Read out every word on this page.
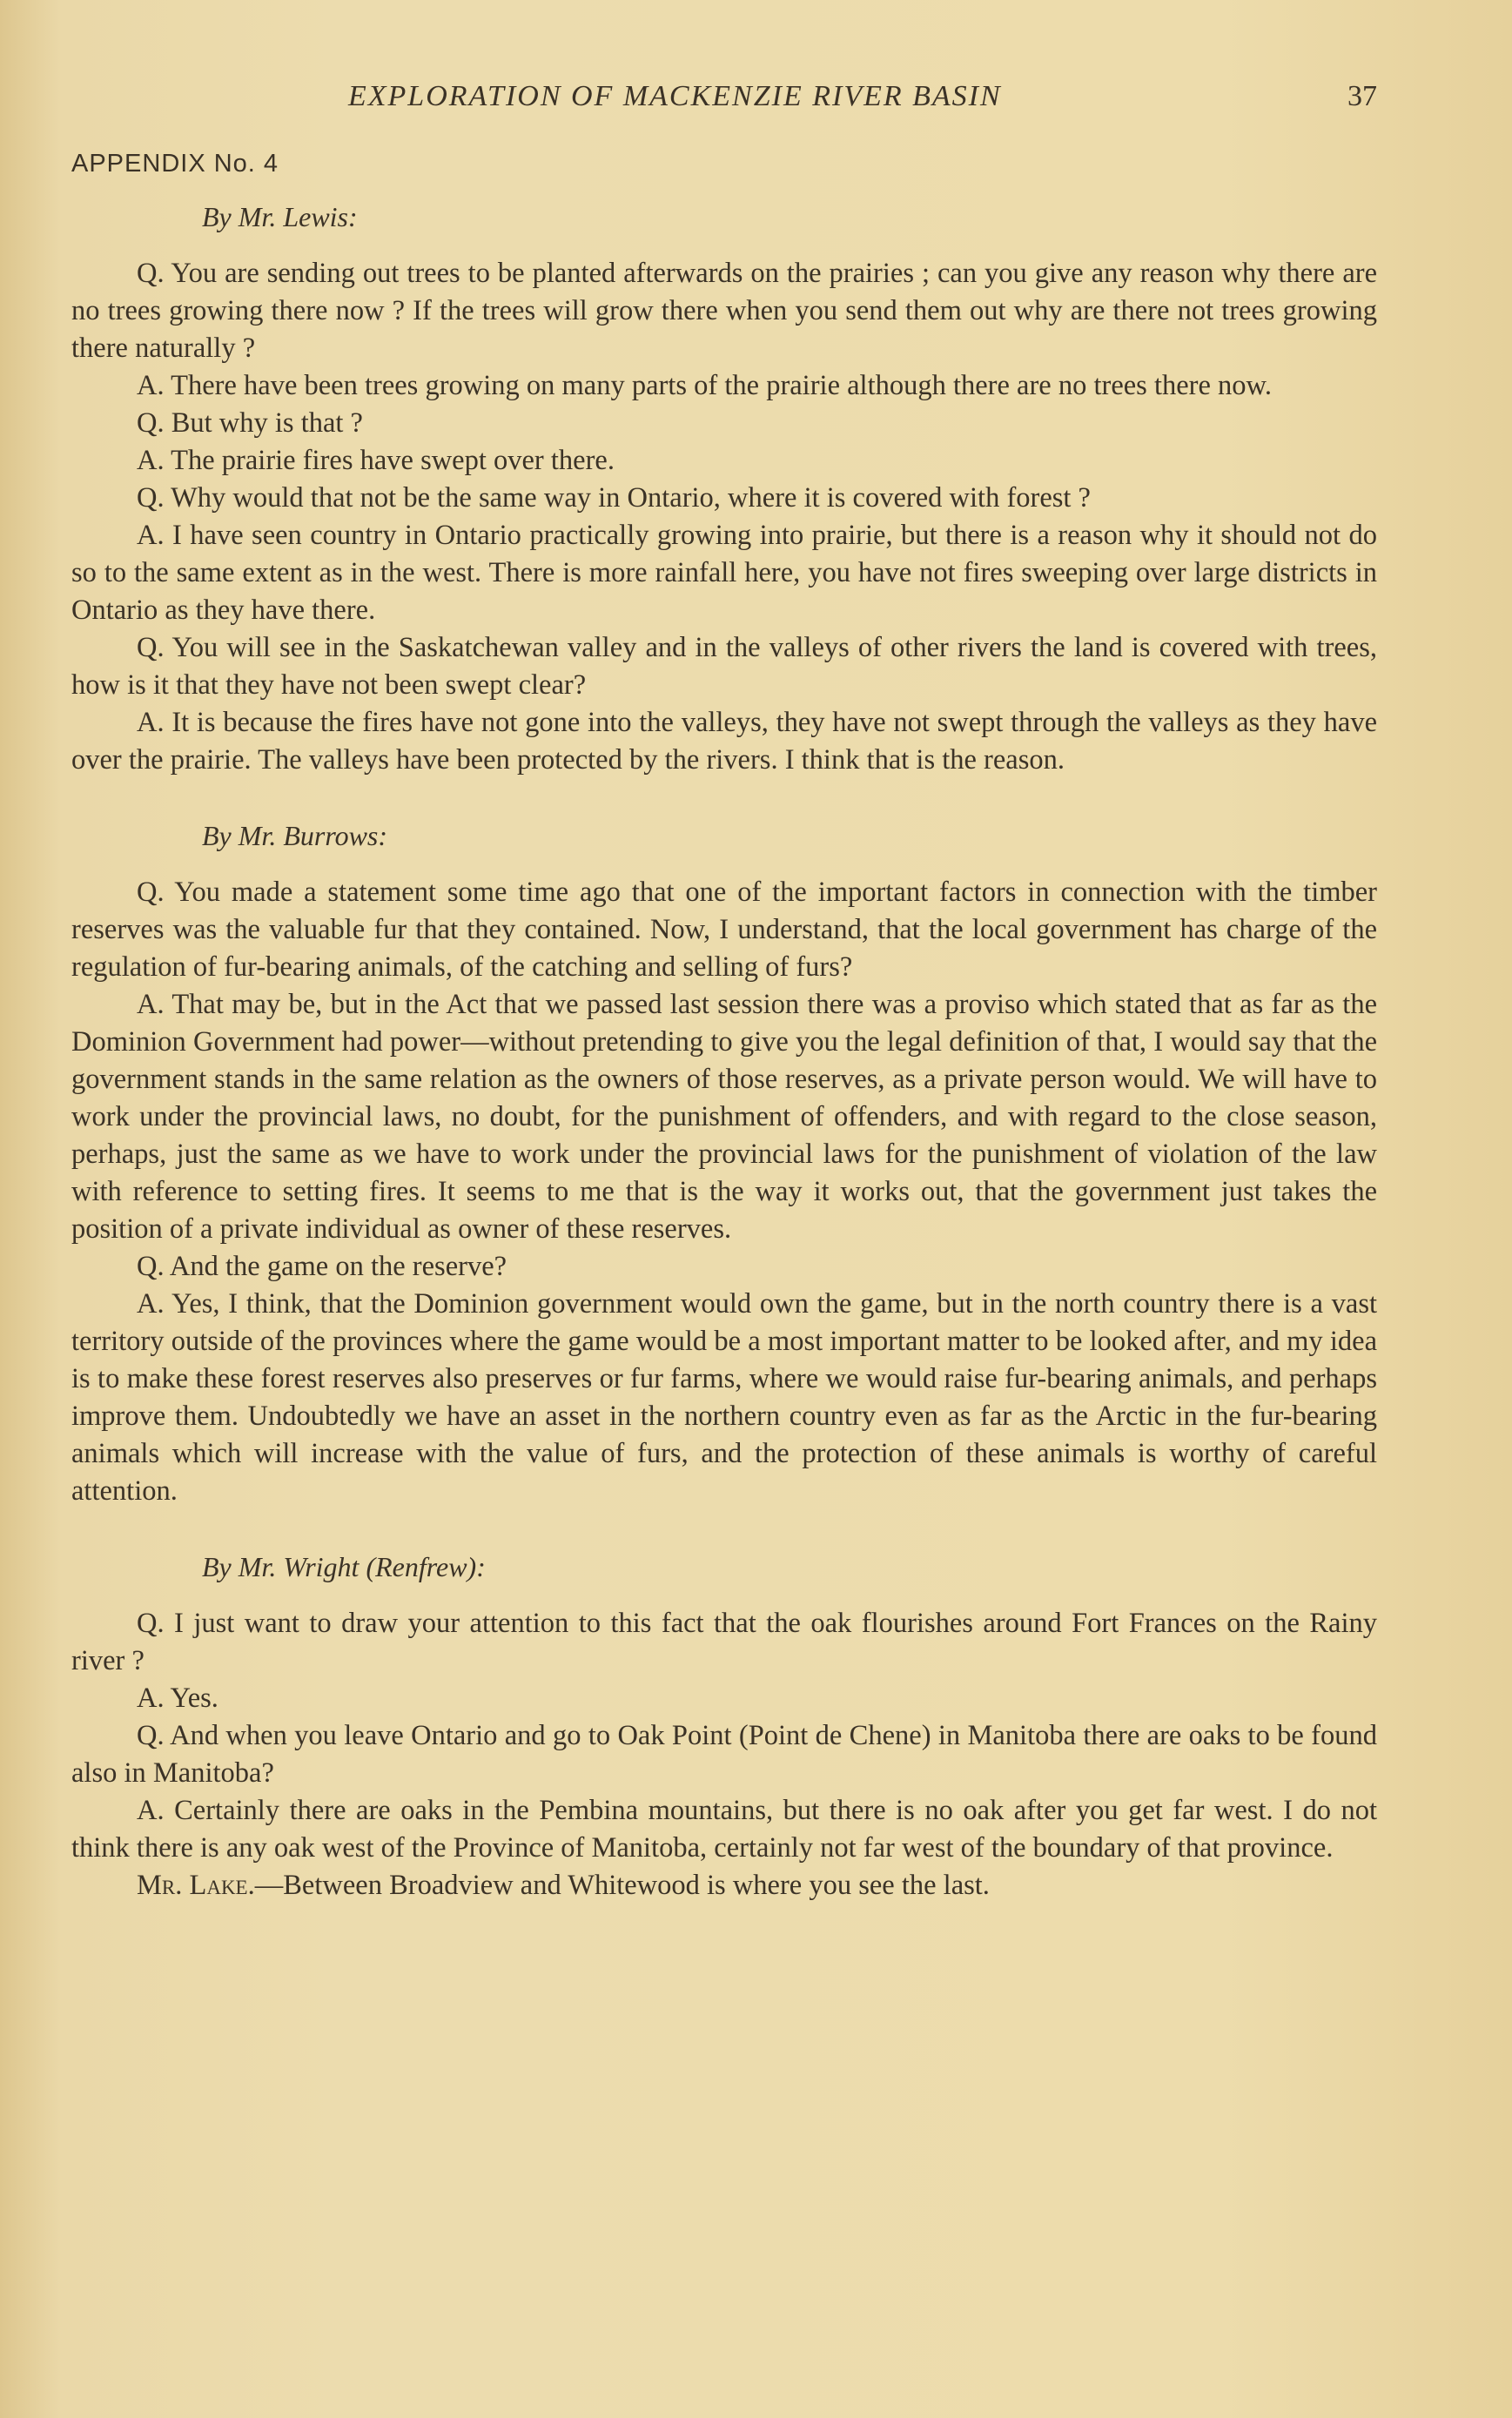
EXPLORATION OF MACKENZIE RIVER BASIN	37
APPENDIX No. 4
By Mr. Lewis:

Q. You are sending out trees to be planted afterwards on the prairies ; can you give any reason why there are no trees growing there now ? If the trees will grow there when you send them out why are there not trees growing there naturally ?

A. There have been trees growing on many parts of the prairie although there are no trees there now.

Q. But why is that ?

A. The prairie fires have swept over there.

Q. Why would that not be the same way in Ontario, where it is covered with forest ?

A. I have seen country in Ontario practically growing into prairie, but there is a reason why it should not do so to the same extent as in the west. There is more rainfall here, you have not fires sweeping over large districts in Ontario as they have there.

Q. You will see in the Saskatchewan valley and in the valleys of other rivers the land is covered with trees, how is it that they have not been swept clear?

A. It is because the fires have not gone into the valleys, they have not swept through the valleys as they have over the prairie. The valleys have been protected by the rivers. I think that is the reason.

By Mr. Burrows:

Q. You made a statement some time ago that one of the important factors in connection with the timber reserves was the valuable fur that they contained. Now, I understand, that the local government has charge of the regulation of fur-bearing animals, of the catching and selling of furs?

A. That may be, but in the Act that we passed last session there was a proviso which stated that as far as the Dominion Government had power—without pretending to give you the legal definition of that, I would say that the government stands in the same relation as the owners of those reserves, as a private person would. We will have to work under the provincial laws, no doubt, for the punishment of offenders, and with regard to the close season, perhaps, just the same as we have to work under the provincial laws for the punishment of violation of the law with reference to setting fires. It seems to me that is the way it works out, that the government just takes the position of a private individual as owner of these reserves.

Q. And the game on the reserve?

A. Yes, I think, that the Dominion government would own the game, but in the north country there is a vast territory outside of the provinces where the game would be a most important matter to be looked after, and my idea is to make these forest reserves also preserves or fur farms, where we would raise fur-bearing animals, and perhaps improve them. Undoubtedly we have an asset in the northern country even as far as the Arctic in the fur-bearing animals which will increase with the value of furs, and the protection of these animals is worthy of careful attention.

By Mr. Wright (Renfrew):

Q. I just want to draw your attention to this fact that the oak flourishes around Fort Frances on the Rainy river ?

A. Yes.

Q. And when you leave Ontario and go to Oak Point (Point de Chene) in Manitoba there are oaks to be found also in Manitoba?

A. Certainly there are oaks in the Pembina mountains, but there is no oak after you get far west. I do not think there is any oak west of the Province of Manitoba, certainly not far west of the boundary of that province.

Mr. Lake.—Between Broadview and Whitewood is where you see the last.
